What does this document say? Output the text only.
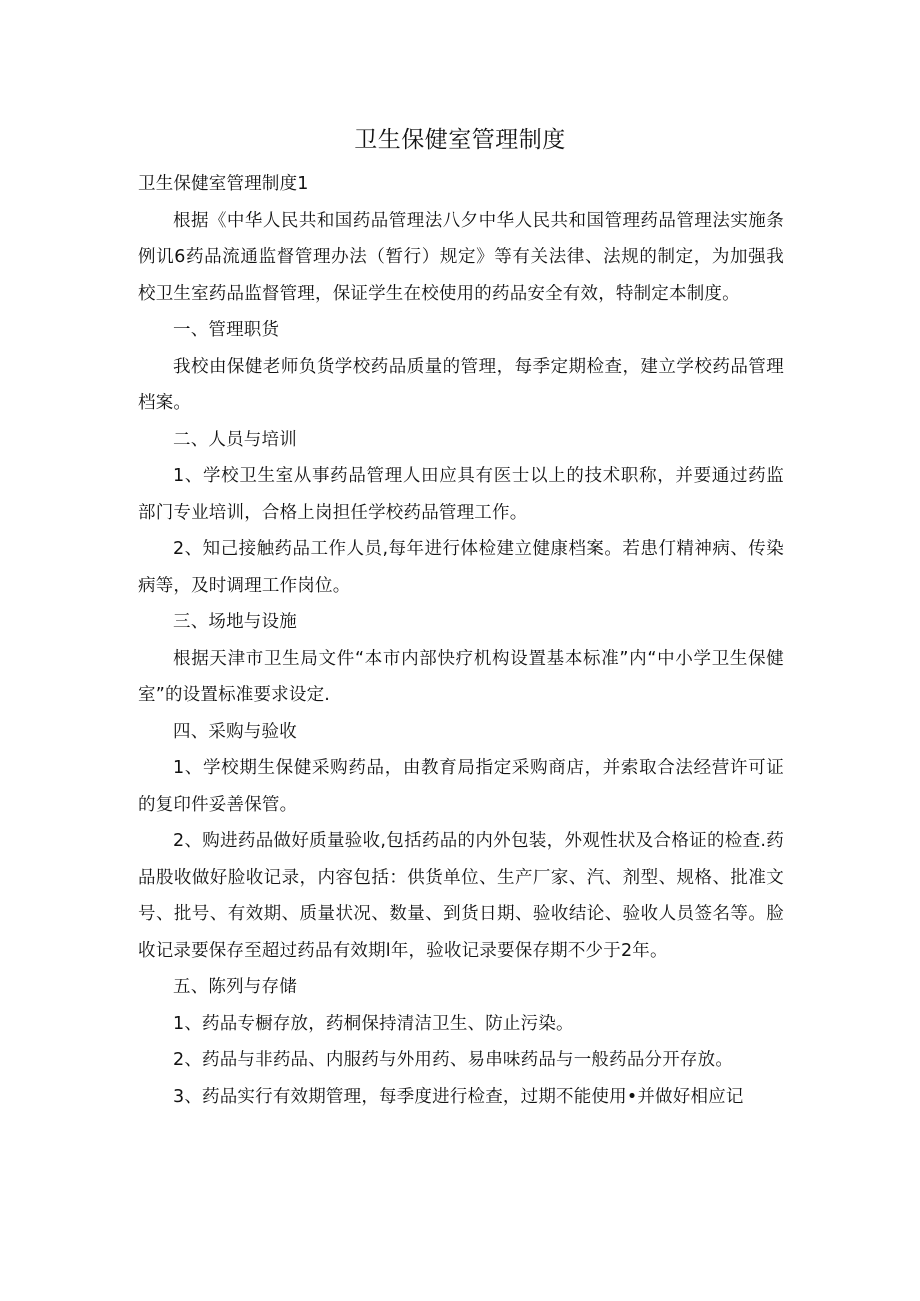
卫生保健室管理制度

卫生保健室管理制度1

根据《中华人民共和国药品管理法八夕中华人民共和国管理药品管理法实施条例讥6药品流通监督管理办法（暂行）规定》等有关法律、法规的制定，为加强我校卫生室药品监督管理，保证学生在校使用的药品安全有效，特制定本制度。

一、管理职货

我校由保健老师负货学校药品质量的管理，每季定期检查，建立学校药品管理档案。

二、人员与培训

1、学校卫生室从事药品管理人田应具有医士以上的技术职称，并要通过药监部门专业培训，合格上岗担任学校药品管理工作。

2、知己接触药品工作人员,每年进行体检建立健康档案。若患仃精神病、传染病等，及时调理工作岗位。

三、场地与设施

根据天津市卫生局文件“本市内部快疗机构设置基本标准”内“中小学卫生保健室”的设置标准要求设定.

四、采购与验收

1、学校期生保健采购药品，由教育局指定采购商店，并索取合法经营许可证的复印件妥善保管。

2、购进药品做好质量验收,包括药品的内外包装，外观性状及合格证的检查.药品股收做好脸收记录，内容包括：供货单位、生产厂家、汽、剂型、规格、批准文号、批号、有效期、质量状况、数量、到货日期、验收结论、验收人员签名等。脸收记录要保存至超过药品有效期l年，验收记录要保存期不少于2年。

五、陈列与存储

1、药品专橱存放，药桐保持清洁卫生、防止污染。

2、药品与非药品、内服药与外用药、易串味药品与一般药品分开存放。

3、药品实行有效期管理，每季度进行检查，过期不能使用•并做好相应记
